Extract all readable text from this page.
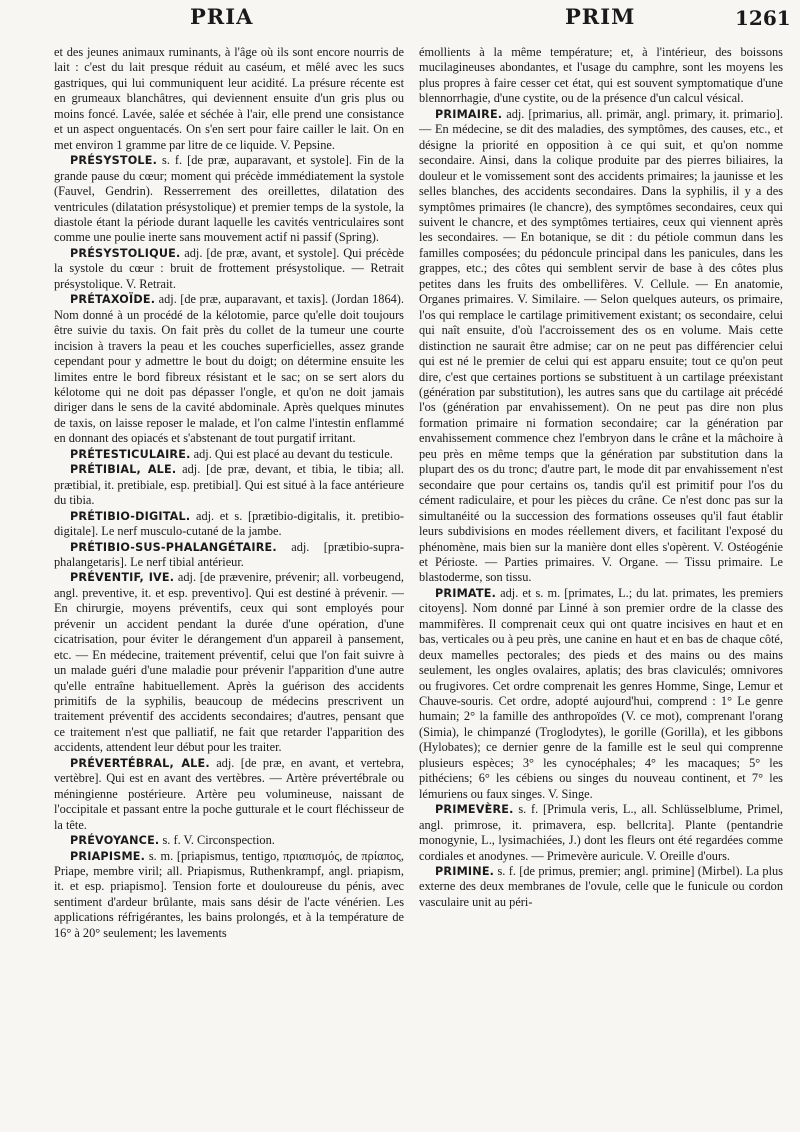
PRIA	PRIM	1261

et des jeunes animaux ruminants, à l'âge où ils sont encore nourris de lait : c'est du lait presque réduit au caséum, et mêlé avec les sucs gastriques, qui lui communiquent leur acidité. La présure récente est en grumeaux blanchâtres, qui deviennent ensuite d'un gris plus ou moins foncé. Lavée, salée et séchée à l'air, elle prend une consistance et un aspect onguentacés. On s'en sert pour faire cailler le lait. On en met environ 1 gramme par litre de ce liquide. V. Pepsine.

PRÉSYSTOLE. s. f. [de præ, auparavant, et systole]. Fin de la grande pause du cœur; moment qui précède immédiatement la systole (Fauvel, Gendrin). Resserrement des oreillettes, dilatation des ventricules (dilatation présystolique) et premier temps de la systole, la diastole étant la période durant laquelle les cavités ventriculaires sont comme une poulie inerte sans mouvement actif ni passif (Spring).

PRÉSYSTOLIQUE. adj. [de præ, avant, et systole]. Qui précède la systole du cœur : bruit de frottement présystolique. — Retrait présystolique. V. Retrait.

PRÉTAXOÏDE. adj. [de præ, auparavant, et taxis]. (Jordan 1864). Nom donné à un procédé de la kélotomie, parce qu'elle doit toujours être suivie du taxis. On fait près du collet de la tumeur une courte incision à travers la peau et les couches superficielles, assez grande cependant pour y admettre le bout du doigt; on détermine ensuite les limites entre le bord fibreux résistant et le sac; on se sert alors du kélotome qui ne doit pas dépasser l'ongle, et qu'on ne doit jamais diriger dans le sens de la cavité abdominale. Après quelques minutes de taxis, on laisse reposer le malade, et l'on calme l'intestin enflammé en donnant des opiacés et s'abstenant de tout purgatif irritant.

PRÉTESTICULAIRE. adj. Qui est placé au devant du testicule.

PRÉTIBIAL, ALE. adj. [de præ, devant, et tibia, le tibia; all. prætibial, it. pretibiale, esp. pretibial]. Qui est situé à la face antérieure du tibia.

PRÉTIBIO-DIGITAL. adj. et s. [prætibio-digitalis, it. pretibio-digitale]. Le nerf musculo-cutané de la jambe.

PRÉTIBIO-SUS-PHALANGÉTAIRE. adj. [prætibio-supra-phalangetaris]. Le nerf tibial antérieur.

PRÉVENTIF, IVE. adj. [de prævenire, prévenir; all. vorbeugend, angl. preventive, it. et esp. preventivo]. Qui est destiné à prévenir. — En chirurgie, moyens préventifs, ceux qui sont employés pour prévenir un accident pendant la durée d'une opération, d'une cicatrisation, pour éviter le dérangement d'un appareil à pansement, etc. — En médecine, traitement préventif, celui que l'on fait suivre à un malade guéri d'une maladie pour prévenir l'apparition d'une autre qu'elle entraîne habituellement. Après la guérison des accidents primitifs de la syphilis, beaucoup de médecins prescrivent un traitement préventif des accidents secondaires; d'autres, pensant que ce traitement n'est que palliatif, ne fait que retarder l'apparition des accidents, attendent leur début pour les traiter.

PRÉVERTÉBRAL, ALE. adj. [de præ, en avant, et vertebra, vertèbre]. Qui est en avant des vertèbres. — Artère prévertébrale ou méningienne postérieure. Artère peu volumineuse, naissant de l'occipitale et passant entre la poche gutturale et le court fléchisseur de la tête.

PRÉVOYANCE. s. f. V. Circonspection.

PRIAPISME. s. m. [priapismus, tentigo, πριαπισμός, de πρίαπος, Priape, membre viril; all. Priapismus, Ruthenkrampf, angl. priapism, it. et esp. priapismo]. Tension forte et douloureuse du pénis, avec sentiment d'ardeur brûlante, mais sans désir de l'acte vénérien. Les applications réfrigérantes, les bains prolongés, et à la température de 16° à 20° seulement; les lavements

émollients à la même température; et, à l'intérieur, des boissons mucilagineuses abondantes, et l'usage du camphre, sont les moyens les plus propres à faire cesser cet état, qui est souvent symptomatique d'une blennorrhagie, d'une cystite, ou de la présence d'un calcul vésical.

PRIMAIRE. adj. [primarius, all. primär, angl. primary, it. primario]. — En médecine, se dit des maladies, des symptômes, des causes, etc., et désigne la priorité en opposition à ce qui suit, et qu'on nomme secondaire. Ainsi, dans la colique produite par des pierres biliaires, la douleur et le vomissement sont des accidents primaires; la jaunisse et les selles blanches, des accidents secondaires. Dans la syphilis, il y a des symptômes primaires (le chancre), des symptômes secondaires, ceux qui suivent le chancre, et des symptômes tertiaires, ceux qui viennent après les secondaires. — En botanique, se dit : du pétiole commun dans les familles composées; du pédoncule principal dans les panicules, dans les grappes, etc.; des côtes qui semblent servir de base à des côtes plus petites dans les fruits des ombellifères. V. Cellule. — En anatomie, Organes primaires. V. Similaire. — Selon quelques auteurs, os primaire, l'os qui remplace le cartilage primitivement existant; os secondaire, celui qui naît ensuite, d'où l'accroissement des os en volume. Mais cette distinction ne saurait être admise; car on ne peut pas différencier celui qui est né le premier de celui qui est apparu ensuite; tout ce qu'on peut dire, c'est que certaines portions se substituent à un cartilage préexistant (génération par substitution), les autres sans que du cartilage ait précédé l'os (génération par envahissement). On ne peut pas dire non plus formation primaire ni formation secondaire; car la génération par envahissement commence chez l'embryon dans le crâne et la mâchoire à peu près en même temps que la génération par substitution dans la plupart des os du tronc; d'autre part, le mode dit par envahissement n'est secondaire que pour certains os, tandis qu'il est primitif pour l'os du cément radiculaire, et pour les pièces du crâne. Ce n'est donc pas sur la simultanéité ou la succession des formations osseuses qu'il faut établir leurs subdivisions en modes réellement divers, et facilitant l'exposé du phénomène, mais bien sur la manière dont elles s'opèrent. V. Ostéogénie et Périoste. — Parties primaires. V. Organe. — Tissu primaire. Le blastoderme, son tissu.

PRIMATE. adj. et s. m. [primates, L.; du lat. primates, les premiers citoyens]. Nom donné par Linné à son premier ordre de la classe des mammifères. Il comprenait ceux qui ont quatre incisives en haut et en bas, verticales ou à peu près, une canine en haut et en bas de chaque côté, deux mamelles pectorales; des pieds et des mains ou des mains seulement, les ongles ovalaires, aplatis; des bras claviculés; omnivores ou frugivores. Cet ordre comprenait les genres Homme, Singe, Lemur et Chauve-souris. Cet ordre, adopté aujourd'hui, comprend : 1° Le genre humain; 2° la famille des anthropoïdes (V. ce mot), comprenant l'orang (Simia), le chimpanzé (Troglodytes), le gorille (Gorilla), et les gibbons (Hylobates); ce dernier genre de la famille est le seul qui comprenne plusieurs espèces; 3° les cynocéphales; 4° les macaques; 5° les pithéciens; 6° les cébiens ou singes du nouveau continent, et 7° les lémuriens ou faux singes. V. Singe.

PRIMEVÈRE. s. f. [Primula veris, L., all. Schlüsselblume, Primel, angl. primrose, it. primavera, esp. bellcrita]. Plante (pentandrie monogynie, L., lysimachiées, J.) dont les fleurs ont été regardées comme cordiales et anodynes. — Primevère auricule. V. Oreille d'ours.

PRIMINE. s. f. [de primus, premier; angl. primine] (Mirbel). La plus externe des deux membranes de l'ovule, celle que le funicule ou cordon vasculaire unit au péri-
